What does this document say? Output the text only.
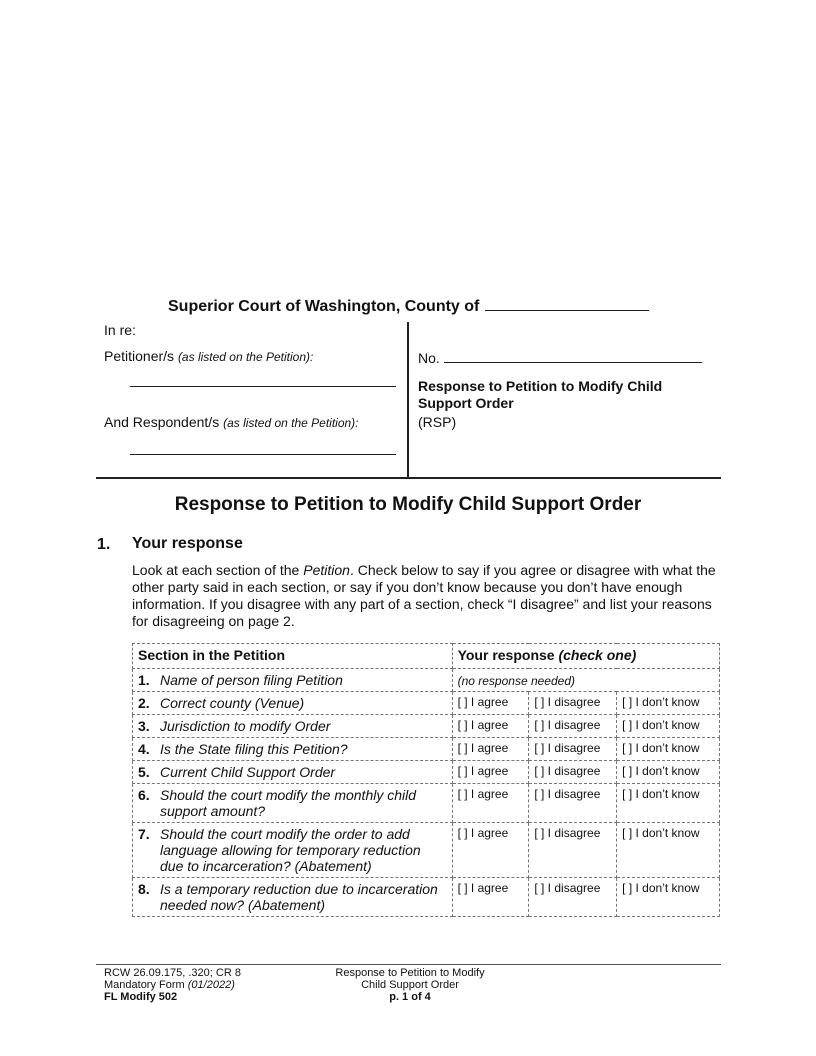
Superior Court of Washington, County of
In re:
Petitioner/s (as listed on the Petition):
And Respondent/s (as listed on the Petition):
No.
Response to Petition to Modify Child Support Order
(RSP)
Response to Petition to Modify Child Support Order
1. Your response
Look at each section of the Petition. Check below to say if you agree or disagree with what the other party said in each section, or say if you don’t know because you don’t have enough information. If you disagree with any part of a section, check “I disagree” and list your reasons for disagreeing on page 2.
Section in the Petition	Your response (check one)		
1. Name of person filing Petition	(no response needed)		
2. Correct county (Venue)	[ ] I agree	[ ] I disagree	[ ] I don’t know
3. Jurisdiction to modify Order	[ ] I agree	[ ] I disagree	[ ] I don’t know
4. Is the State filing this Petition?	[ ] I agree	[ ] I disagree	[ ] I don’t know
5. Current Child Support Order	[ ] I agree	[ ] I disagree	[ ] I don’t know
6. Should the court modify the monthly child support amount?	[ ] I agree	[ ] I disagree	[ ] I don’t know
7. Should the court modify the order to add language allowing for temporary reduction due to incarceration? (Abatement)	[ ] I agree	[ ] I disagree	[ ] I don’t know
8. Is a temporary reduction due to incarceration needed now? (Abatement)	[ ] I agree	[ ] I disagree	[ ] I don’t know
RCW 26.09.175, .320; CR 8
Mandatory Form (01/2022)
FL Modify 502
Response to Petition to Modify
Child Support Order
p. 1 of 4
